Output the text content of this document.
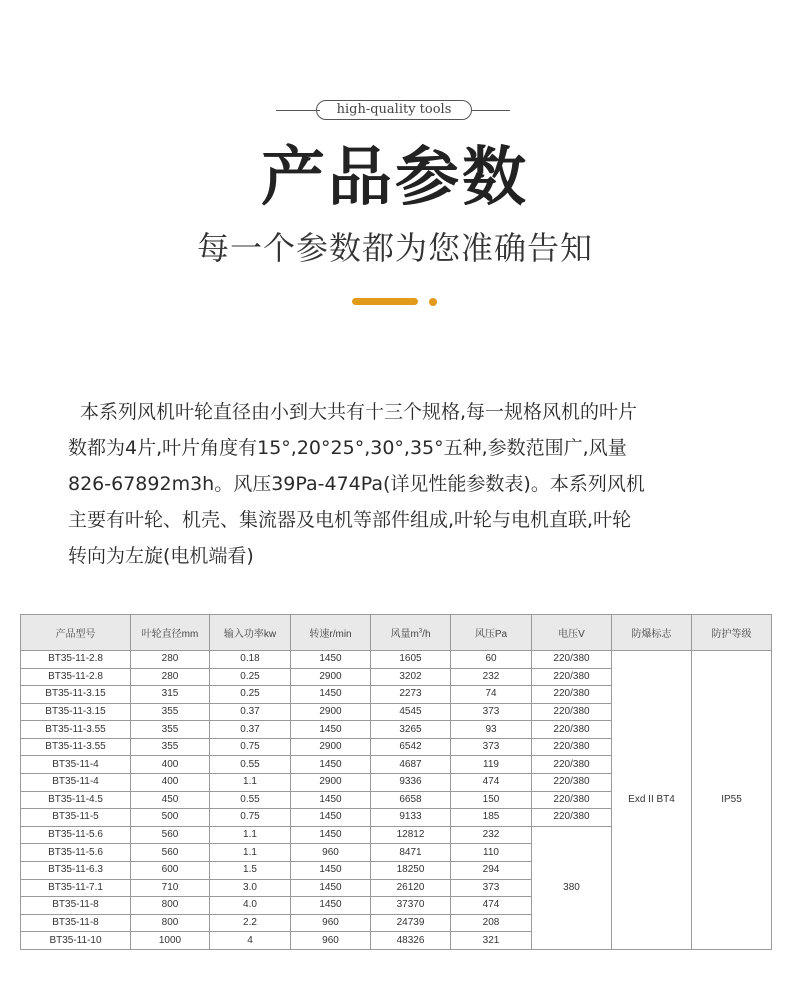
high-quality tools
产品参数
每一个参数都为您准确告知

本系列风机叶轮直径由小到大共有十三个规格,每一规格风机的叶片
数都为4片,叶片角度有15°,20°25°,30°,35°五种,参数范围广,风量
826-67892m3h。风压39Pa-474Pa(详见性能参数表)。本系列风机
主要有叶轮、机壳、集流器及电机等部件组成,叶轮与电机直联,叶轮
转向为左旋(电机端看)

产品型号	叶轮直径mm	输入功率kw	转速r/min	风量$m^3/h$	风压Pa	电压V	防爆标志	防护等级
BT35-11-2.8	280	0.18	1450	1605	60	220/380	Exd II BT4	IP55
BT35-11-2.8	280	0.25	2900	3202	232	220/380		
BT35-11-3.15	315	0.25	1450	2273	74	220/380		
BT35-11-3.15	355	0.37	2900	4545	373	220/380		
BT35-11-3.55	355	0.37	1450	3265	93	220/380		
BT35-11-3.55	355	0.75	2900	6542	373	220/380		
BT35-11-4	400	0.55	1450	4687	119	220/380		
BT35-11-4	400	1.1	2900	9336	474	220/380		
BT35-11-4.5	450	0.55	1450	6658	150	220/380		
BT35-11-5	500	0.75	1450	9133	185	220/380		
BT35-11-5.6	560	1.1	1450	12812	232	380		
BT35-11-5.6	560	1.1	960	8471	110			
BT35-11-6.3	600	1.5	1450	18250	294			
BT35-11-7.1	710	3.0	1450	26120	373			
BT35-11-8	800	4.0	1450	37370	474			
BT35-11-8	800	2.2	960	24739	208			
BT35-11-10	1000	4	960	48326	321			
